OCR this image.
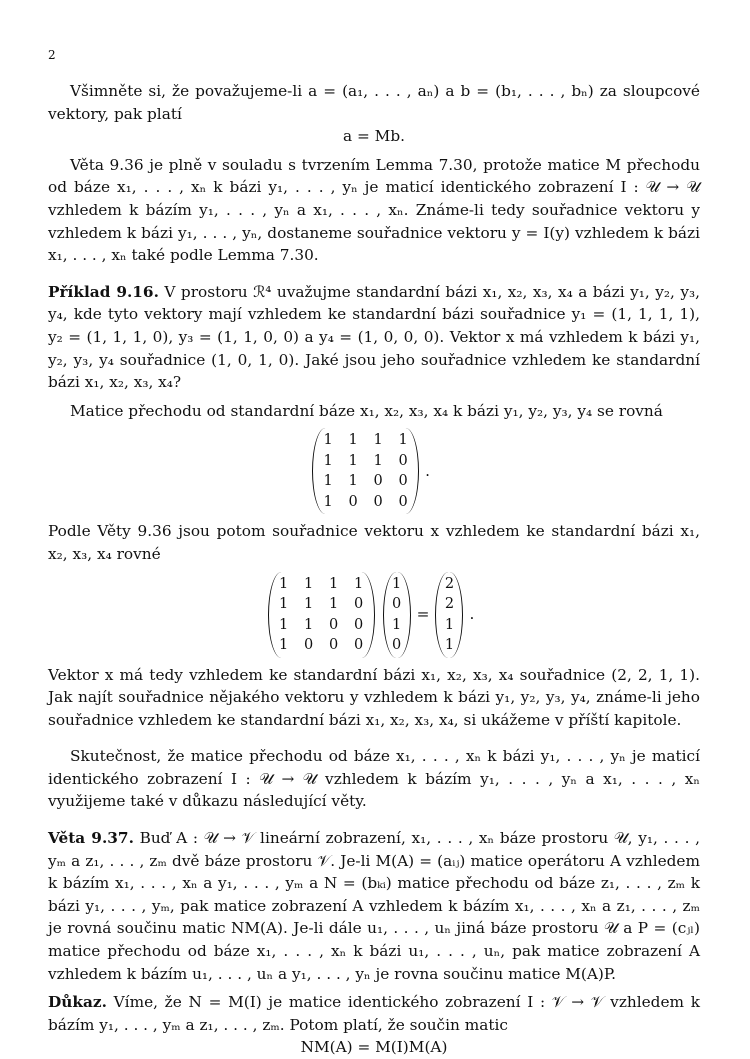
2

Všimněte si, že považujeme-li a = (a₁, . . . , aₙ) a b = (b₁, . . . , bₙ) za sloupcové vektory, pak platí

a = Mb.

Věta 9.36 je plně v souladu s tvrzením Lemma 7.30, protože matice M přechodu od báze x₁, . . . , xₙ k bázi y₁, . . . , yₙ je maticí identického zobrazení I : 𝒰 → 𝒰 vzhledem k bázím y₁, . . . , yₙ a x₁, . . . , xₙ. Známe-li tedy souřadnice vektoru y vzhledem k bázi y₁, . . . , yₙ, dostaneme souřadnice vektoru y = I(y) vzhledem k bázi x₁, . . . , xₙ také podle Lemma 7.30.

Příklad 9.16. V prostoru ℛ⁴ uvažujme standardní bázi x₁, x₂, x₃, x₄ a bázi y₁, y₂, y₃, y₄, kde tyto vektory mají vzhledem ke standardní bázi souřadnice y₁ = (1, 1, 1, 1), y₂ = (1, 1, 1, 0), y₃ = (1, 1, 0, 0) a y₄ = (1, 0, 0, 0). Vektor x má vzhledem k bázi y₁, y₂, y₃, y₄ souřadnice (1, 0, 1, 0). Jaké jsou jeho souřadnice vzhledem ke standardní bázi x₁, x₂, x₃, x₄?

Matice přechodu od standardní báze x₁, x₂, x₃, x₄ k bázi y₁, y₂, y₃, y₄ se rovná

1 1 1 1
1 1 1 0
1 1 0 0
1 0 0 0
.

Podle Věty 9.36 jsou potom souřadnice vektoru x vzhledem ke standardní bázi x₁, x₂, x₃, x₄ rovné

1 1 1 1
1 1 1 0
1 1 0 0
1 0 0 0
1
0
1
0
=
2
2
1
1
.

Vektor x má tedy vzhledem ke standardní bázi x₁, x₂, x₃, x₄ souřadnice (2, 2, 1, 1). Jak najít souřadnice nějakého vektoru y vzhledem k bázi y₁, y₂, y₃, y₄, známe-li jeho souřadnice vzhledem ke standardní bázi x₁, x₂, x₃, x₄, si ukážeme v příští kapitole.

Skutečnost, že matice přechodu od báze x₁, . . . , xₙ k bázi y₁, . . . , yₙ je maticí identického zobrazení I : 𝒰 → 𝒰 vzhledem k bázím y₁, . . . , yₙ a x₁, . . . , xₙ využijeme také v důkazu následující věty.

Věta 9.37. Buď A : 𝒰 → 𝒱 lineární zobrazení, x₁, . . . , xₙ báze prostoru 𝒰, y₁, . . . , yₘ a z₁, . . . , zₘ dvě báze prostoru 𝒱. Je-li M(A) = (aᵢⱼ) matice operátoru A vzhledem k bázím x₁, . . . , xₙ a y₁, . . . , yₘ a N = (bₖᵢ) matice přechodu od báze z₁, . . . , zₘ k bázi y₁, . . . , yₘ, pak matice zobrazení A vzhledem k bázím x₁, . . . , xₙ a z₁, . . . , zₘ je rovná součinu matic NM(A). Je-li dále u₁, . . . , uₙ jiná báze prostoru 𝒰 a P = (cⱼₗ) matice přechodu od báze x₁, . . . , xₙ k bázi u₁, . . . , uₙ, pak matice zobrazení A vzhledem k bázím u₁, . . . , uₙ a y₁, . . . , yₙ je rovna součinu matice M(A)P.

Důkaz. Víme, že N = M(I) je matice identického zobrazení I : 𝒱 → 𝒱 vzhledem k bázím y₁, . . . , yₘ a z₁, . . . , zₘ. Potom platí, že součin matic

NM(A) = M(I)M(A)
